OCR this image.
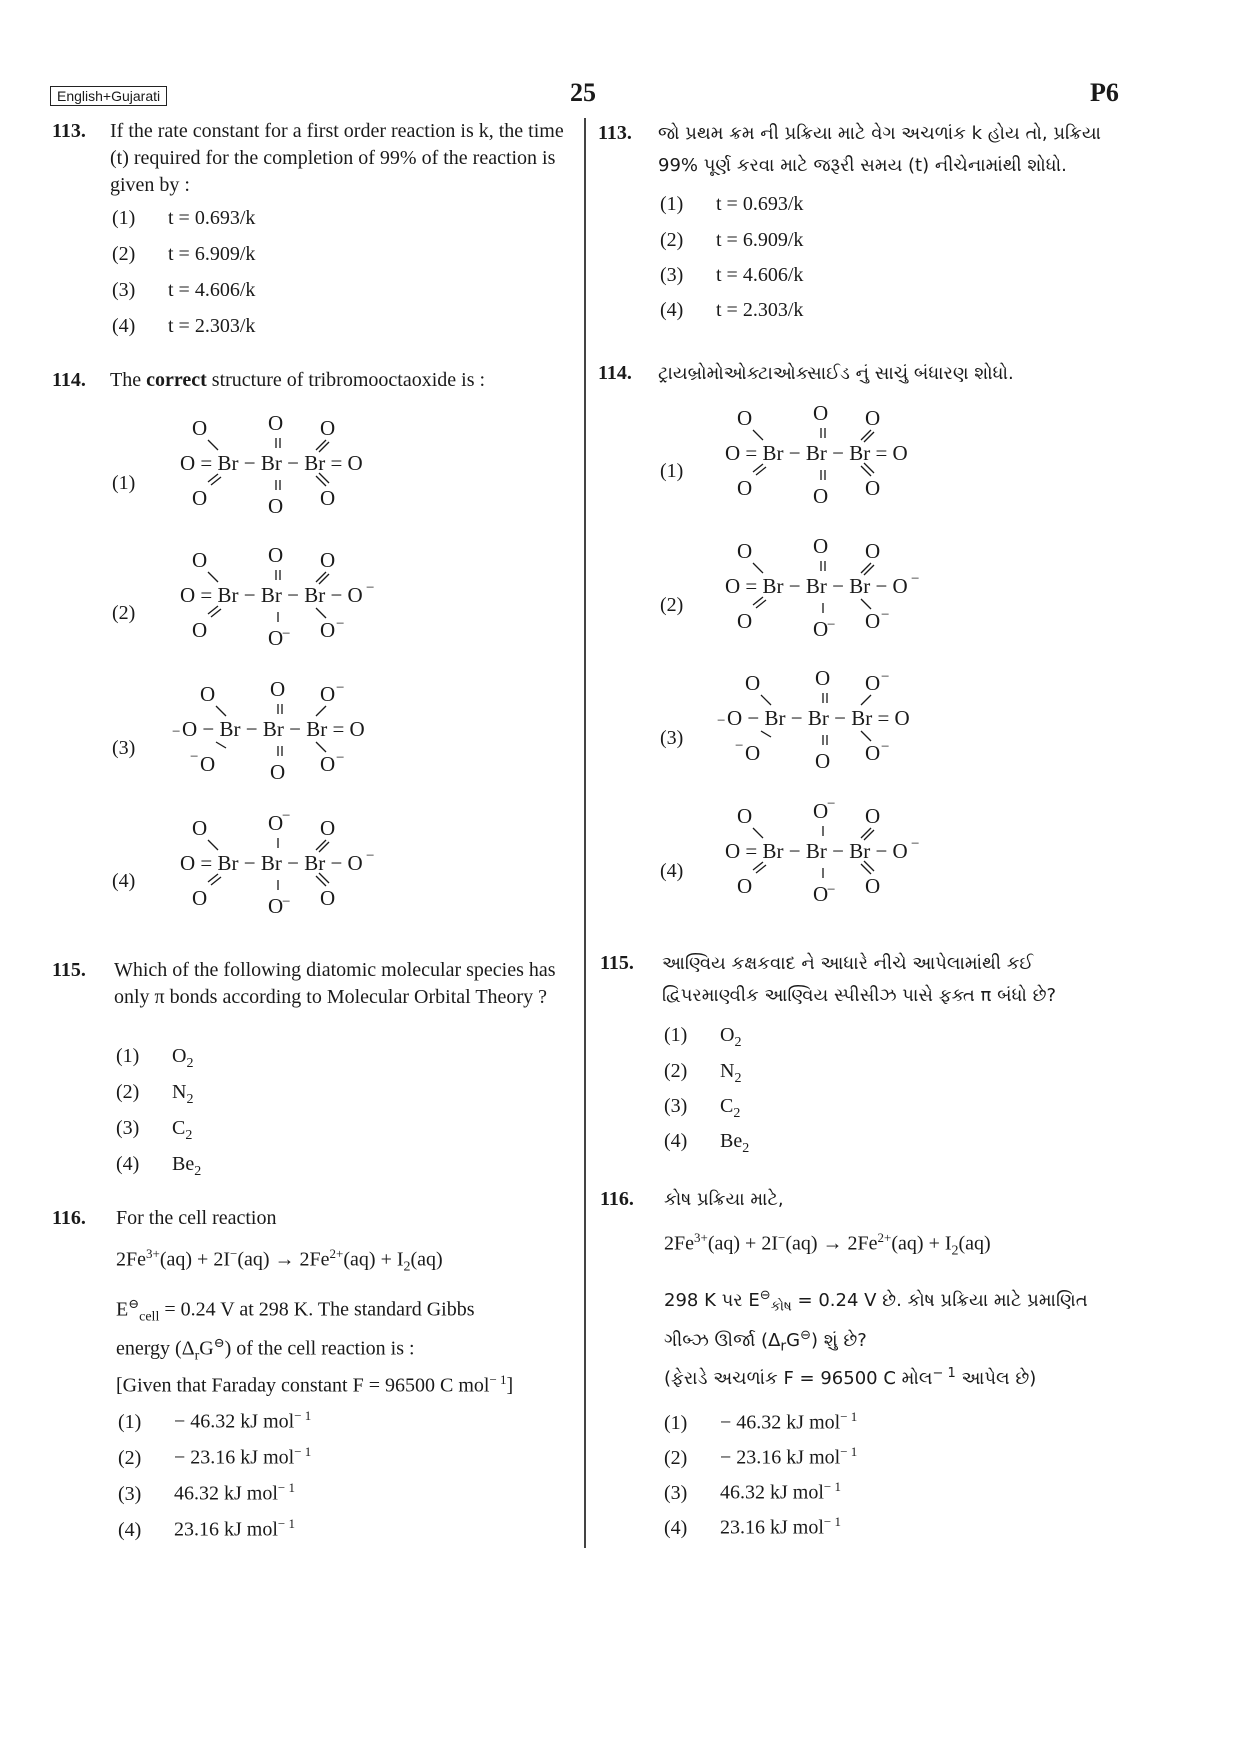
English+Gujarati	25	P6
113. If the rate constant for a first order reaction is k, the time (t) required for the completion of 99% of the reaction is given by :
(1) t = 0.693/k
(2) t = 6.909/k
(3) t = 4.606/k
(4) t = 2.303/k
114. The correct structure of tribromooctaoxide is :
(1)
(2)
(3)
(4)
O	O O
O = Br − Br − Br = O
O	O O
O	O O
O = Br − Br − Br − O −
O	O
− O −
O	O O −
− O − Br − Br − Br = O
− O	O O −
O	O
− O
O = Br − Br − Br − O −
O	O
− O
115. Which of the following diatomic molecular species has only π bonds according to Molecular Orbital Theory ?
(1) $O_2$
(2) $N_2$
(3) $C_2$
(4) $Be_2$
116. For the cell reaction
$2Fe^{3+}(aq) + 2I^-(aq) \to 2Fe^{2+}(aq) + I_2(aq)$
$E^⊖_{cell} = 0.24$ V at 298 K. The standard Gibbs
energy $(\Delta_rG^⊖)$ of the cell reaction is :
[Given that Faraday constant F = 96500 C mol$^{- 1}$]
(1) − 46.32 kJ mol$^{- 1}$
(2) − 23.16 kJ mol$^{- 1}$
(3) 46.32 kJ mol$^{- 1}$
(4) 23.16 kJ mol$^{- 1}$
113. જો પ્રથમ ક્રમ ની પ્રક્રિયા માટે વેગ અચળાંક k હોય તો, પ્રક્રિયા
99% પૂર્ણ કરવા માટે જરૂરી સમય (t) નીચેનામાંથી શોધો.
(1) t = 0.693/k
(2) t = 6.909/k
(3) t = 4.606/k
(4) t = 2.303/k
114. ટ્રાયબ્રોમોઓક્ટાઓક્સાઈડ નું સાચું બંધારણ શોધો.
(1)
(2)
(3)
(4)
O	O O
O = Br − Br − Br = O
O	O O
O	O O
O = Br − Br − Br − O −
O	O
− O −
O	O O −
− O − Br − Br − Br = O
− O	O O −
O	O
− O
O = Br − Br − Br − O −
O	O
− O
115. આણ્વિય કક્ષકવાદ ને આધારે નીચે આપેલામાંથી કઈ
દ્વિપરમાણ્વીક આણ્વિય સ્પીસીઝ પાસે ફક્ત π બંધો છે?
(1) $O_2$
(2) $N_2$
(3) $C_2$
(4) $Be_2$
116. કોષ પ્રક્રિયા માટે,
$2Fe^{3+}(aq) + 2I^-(aq) \to 2Fe^{2+}(aq) + I_2(aq)$
298 K પર $E^⊖_{કોષ} = 0.24$ V છે. કોષ પ્રક્રિયા માટે પ્રમાણિત
ગીબ્ઝ ઊર્જા $(\Delta_rG^⊖)$ શું છે?
(ફેરાડે અચળાંક F = 96500 C મોલ$^{- 1}$ આપેલ છે)
(1) − 46.32 kJ mol$^{- 1}$
(2) − 23.16 kJ mol$^{- 1}$
(3) 46.32 kJ mol$^{- 1}$
(4) 23.16 kJ mol$^{- 1}$
